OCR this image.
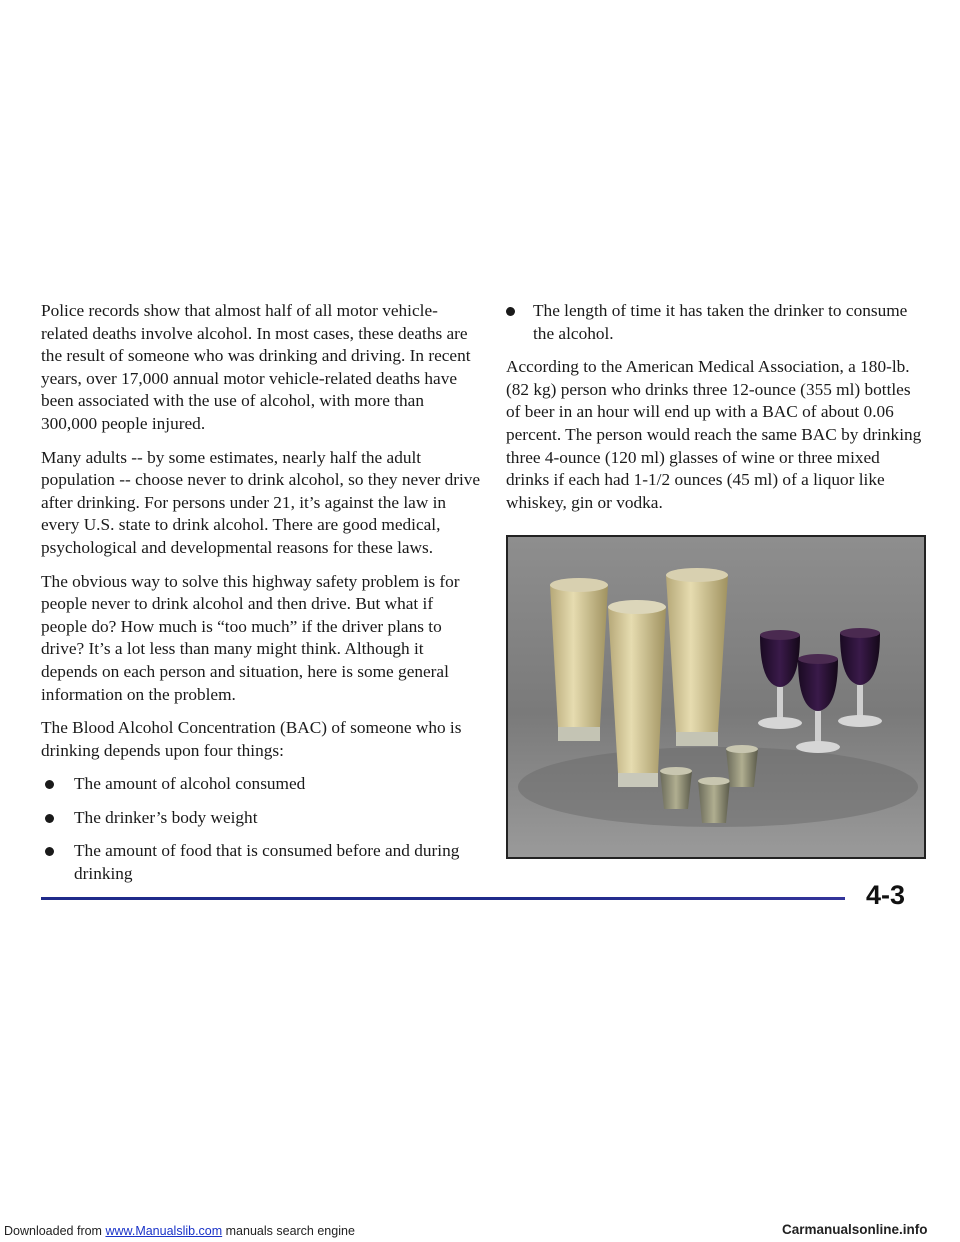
Police records show that almost half of all motor vehicle-related deaths involve alcohol. In most cases, these deaths are the result of someone who was drinking and driving. In recent years, over 17,000 annual motor vehicle-related deaths have been associated with the use of alcohol, with more than 300,000 people injured.

Many adults -- by some estimates, nearly half the adult population -- choose never to drink alcohol, so they never drive after drinking. For persons under 21, it’s against the law in every U.S. state to drink alcohol. There are good medical, psychological and developmental reasons for these laws.

The obvious way to solve this highway safety problem is for people never to drink alcohol and then drive. But what if people do? How much is “too much” if the driver plans to drive? It’s a lot less than many might think. Although it depends on each person and situation, here is some general information on the problem.

The Blood Alcohol Concentration (BAC) of someone who is drinking depends upon four things:

The amount of alcohol consumed
The drinker’s body weight
The amount of food that is consumed before and during drinking
The length of time it has taken the drinker to consume the alcohol.

According to the American Medical Association, a 180-lb. (82 kg) person who drinks three 12-ounce (355 ml) bottles of beer in an hour will end up with a BAC of about 0.06 percent. The person would reach the same BAC by drinking three 4-ounce (120 ml) glasses of wine or three mixed drinks if each had 1-1/2 ounces (45 ml) of a liquor like whiskey, gin or vodka.

4-3
Downloaded from www.Manualslib.com manuals search engine	Carmanualsonline.info
